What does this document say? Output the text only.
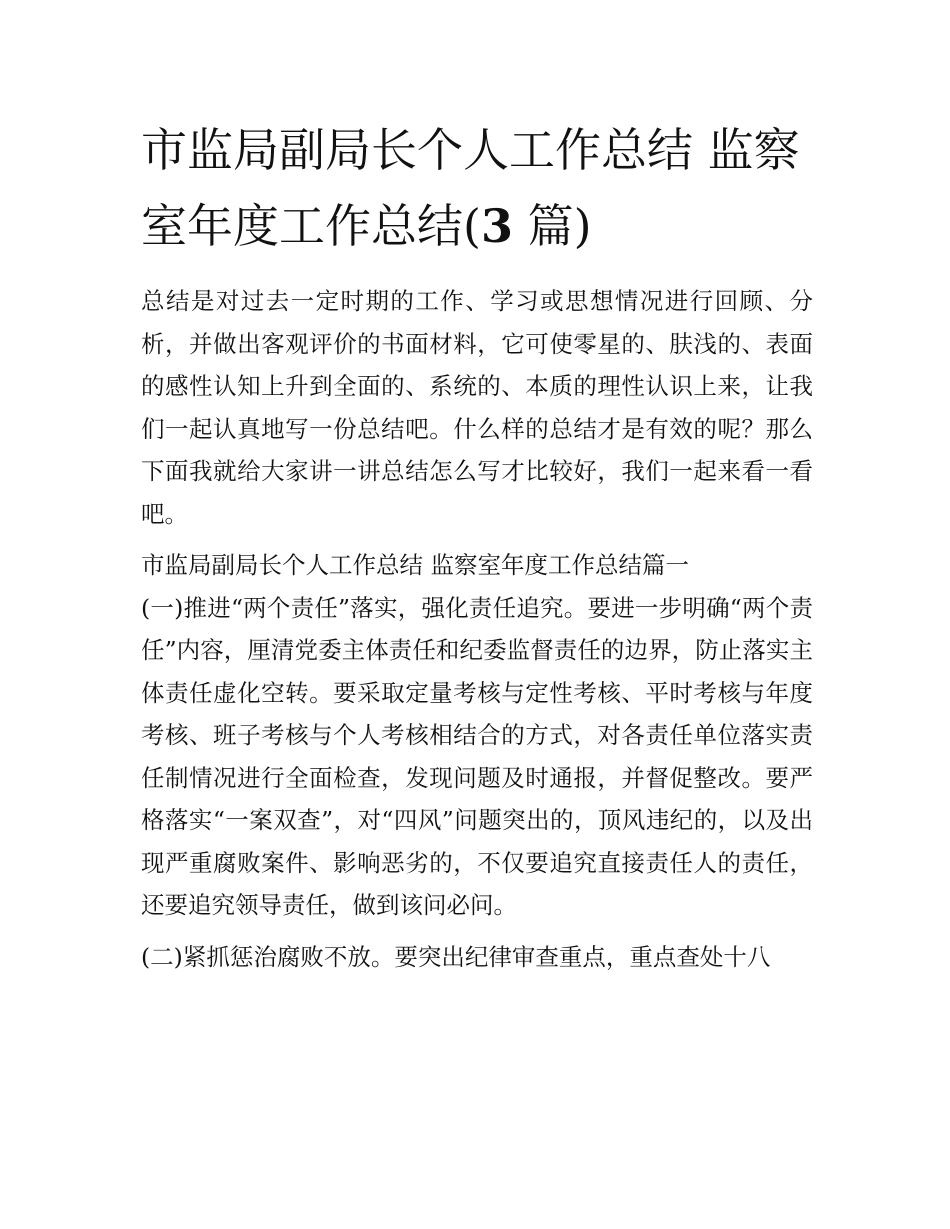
市监局副局长个人工作总结 监察室年度工作总结(3 篇)

总结是对过去一定时期的工作、学习或思想情况进行回顾、分析，并做出客观评价的书面材料，它可使零星的、肤浅的、表面的感性认知上升到全面的、系统的、本质的理性认识上来，让我们一起认真地写一份总结吧。什么样的总结才是有效的呢？那么下面我就给大家讲一讲总结怎么写才比较好，我们一起来看一看吧。

市监局副局长个人工作总结 监察室年度工作总结篇一

(一)推进“两个责任”落实，强化责任追究。要进一步明确“两个责任”内容，厘清党委主体责任和纪委监督责任的边界，防止落实主体责任虚化空转。要采取定量考核与定性考核、平时考核与年度考核、班子考核与个人考核相结合的方式，对各责任单位落实责任制情况进行全面检查，发现问题及时通报，并督促整改。要严格落实“一案双查”，对“四风”问题突出的，顶风违纪的，以及出现严重腐败案件、影响恶劣的，不仅要追究直接责任人的责任，还要追究领导责任，做到该问必问。

(二)紧抓惩治腐败不放。要突出纪律审查重点，重点查处十八
